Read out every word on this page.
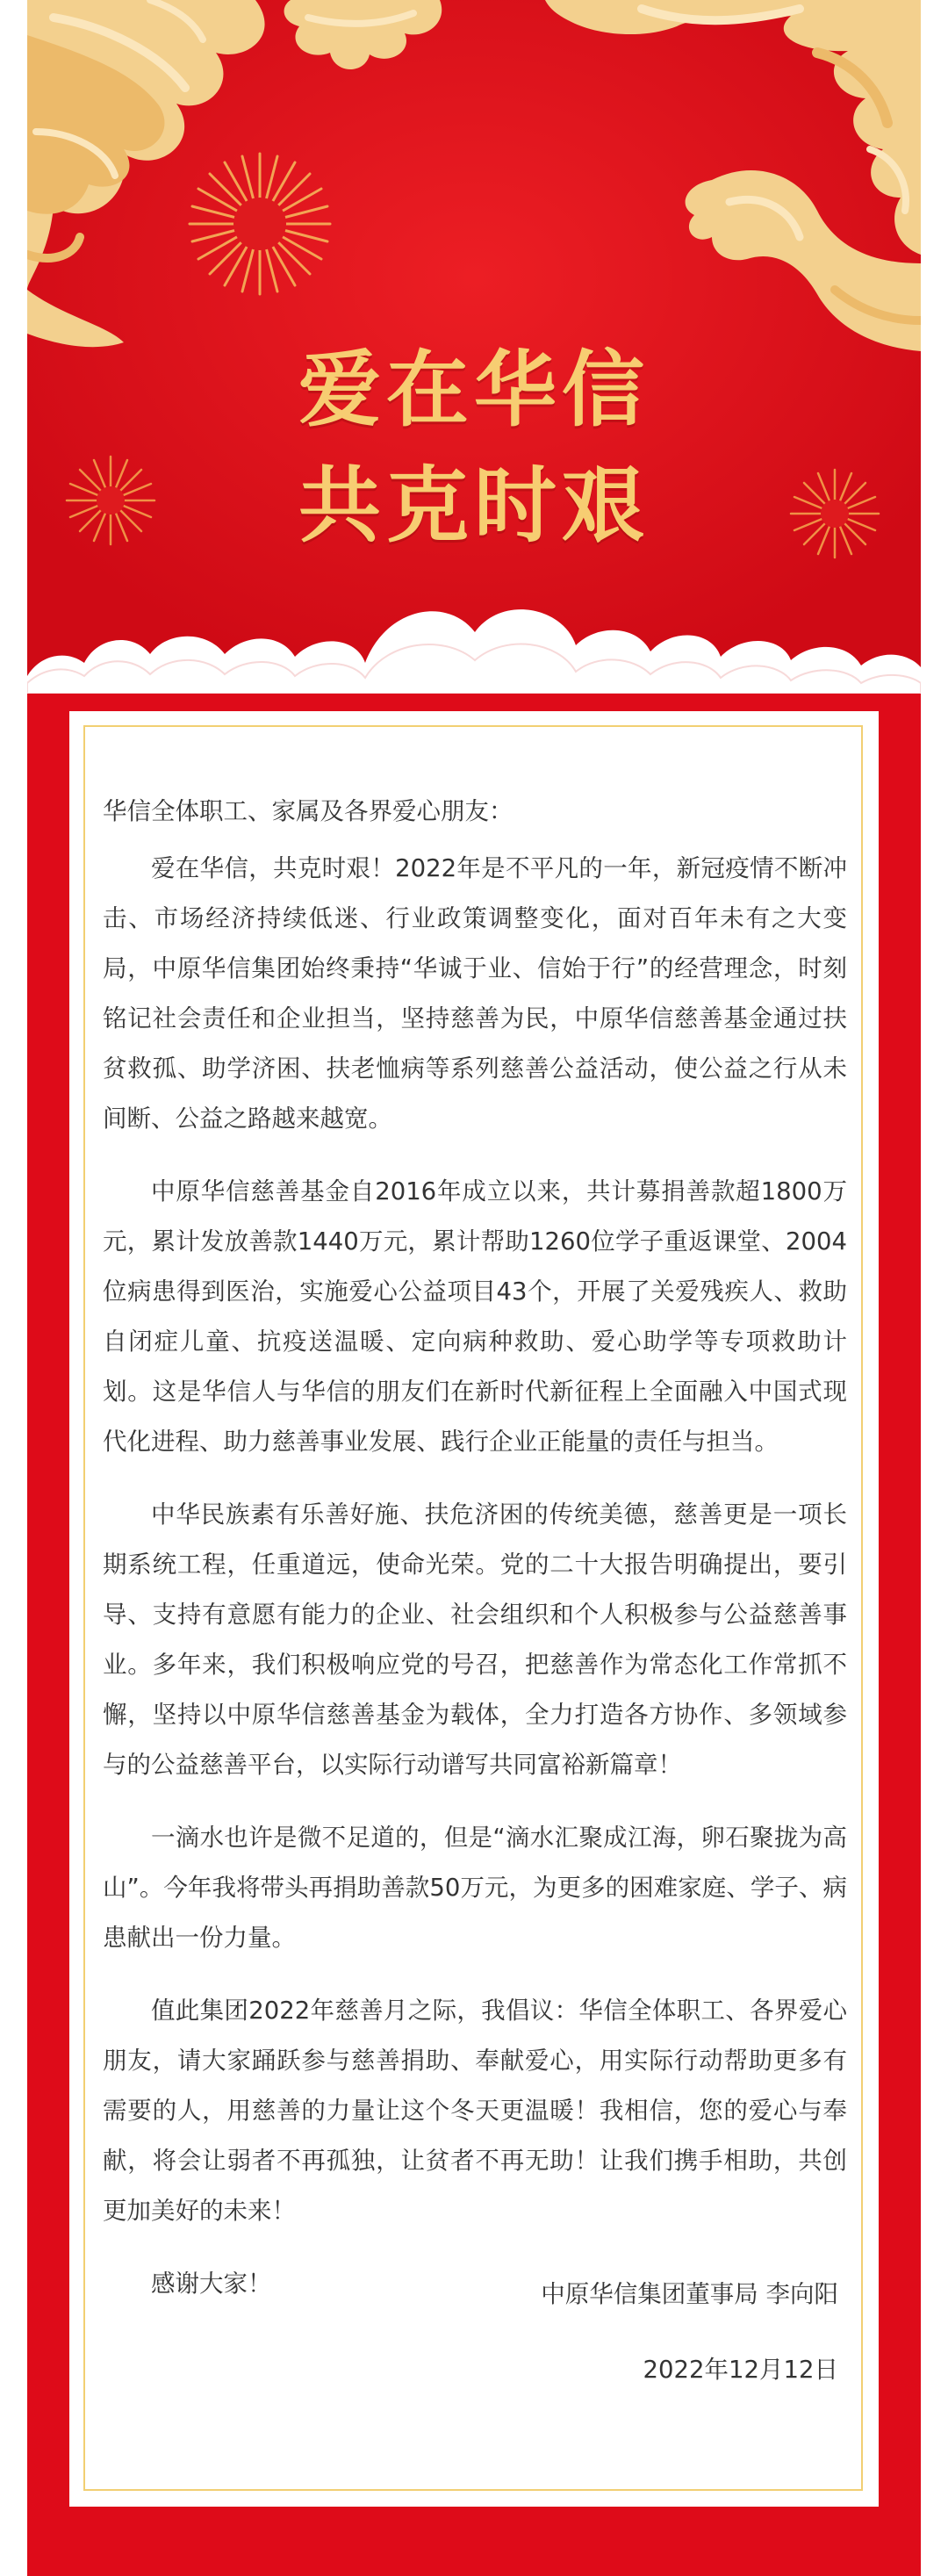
爱在华信
共克时艰

华信全体职工、家属及各界爱心朋友：

爱在华信，共克时艰！2022年是不平凡的一年，新冠疫情不断冲击、市场经济持续低迷、行业政策调整变化，面对百年未有之大变局，中原华信集团始终秉持“华诚于业、信始于行”的经营理念，时刻铭记社会责任和企业担当，坚持慈善为民，中原华信慈善基金通过扶贫救孤、助学济困、扶老恤病等系列慈善公益活动，使公益之行从未间断、公益之路越来越宽。

中原华信慈善基金自2016年成立以来，共计募捐善款超1800万元，累计发放善款1440万元，累计帮助1260位学子重返课堂、2004位病患得到医治，实施爱心公益项目43个，开展了关爱残疾人、救助自闭症儿童、抗疫送温暖、定向病种救助、爱心助学等专项救助计划。这是华信人与华信的朋友们在新时代新征程上全面融入中国式现代化进程、助力慈善事业发展、践行企业正能量的责任与担当。

中华民族素有乐善好施、扶危济困的传统美德，慈善更是一项长期系统工程，任重道远，使命光荣。党的二十大报告明确提出，要引导、支持有意愿有能力的企业、社会组织和个人积极参与公益慈善事业。多年来，我们积极响应党的号召，把慈善作为常态化工作常抓不懈，坚持以中原华信慈善基金为载体，全力打造各方协作、多领域参与的公益慈善平台，以实际行动谱写共同富裕新篇章！

一滴水也许是微不足道的，但是“滴水汇聚成江海，卵石聚拢为高山”。今年我将带头再捐助善款50万元，为更多的困难家庭、学子、病患献出一份力量。

值此集团2022年慈善月之际，我倡议：华信全体职工、各界爱心朋友，请大家踊跃参与慈善捐助、奉献爱心，用实际行动帮助更多有需要的人，用慈善的力量让这个冬天更温暖！我相信，您的爱心与奉献，将会让弱者不再孤独，让贫者不再无助！让我们携手相助，共创更加美好的未来！

感谢大家！	中原华信集团董事局 李向阳
2022年12月12日
